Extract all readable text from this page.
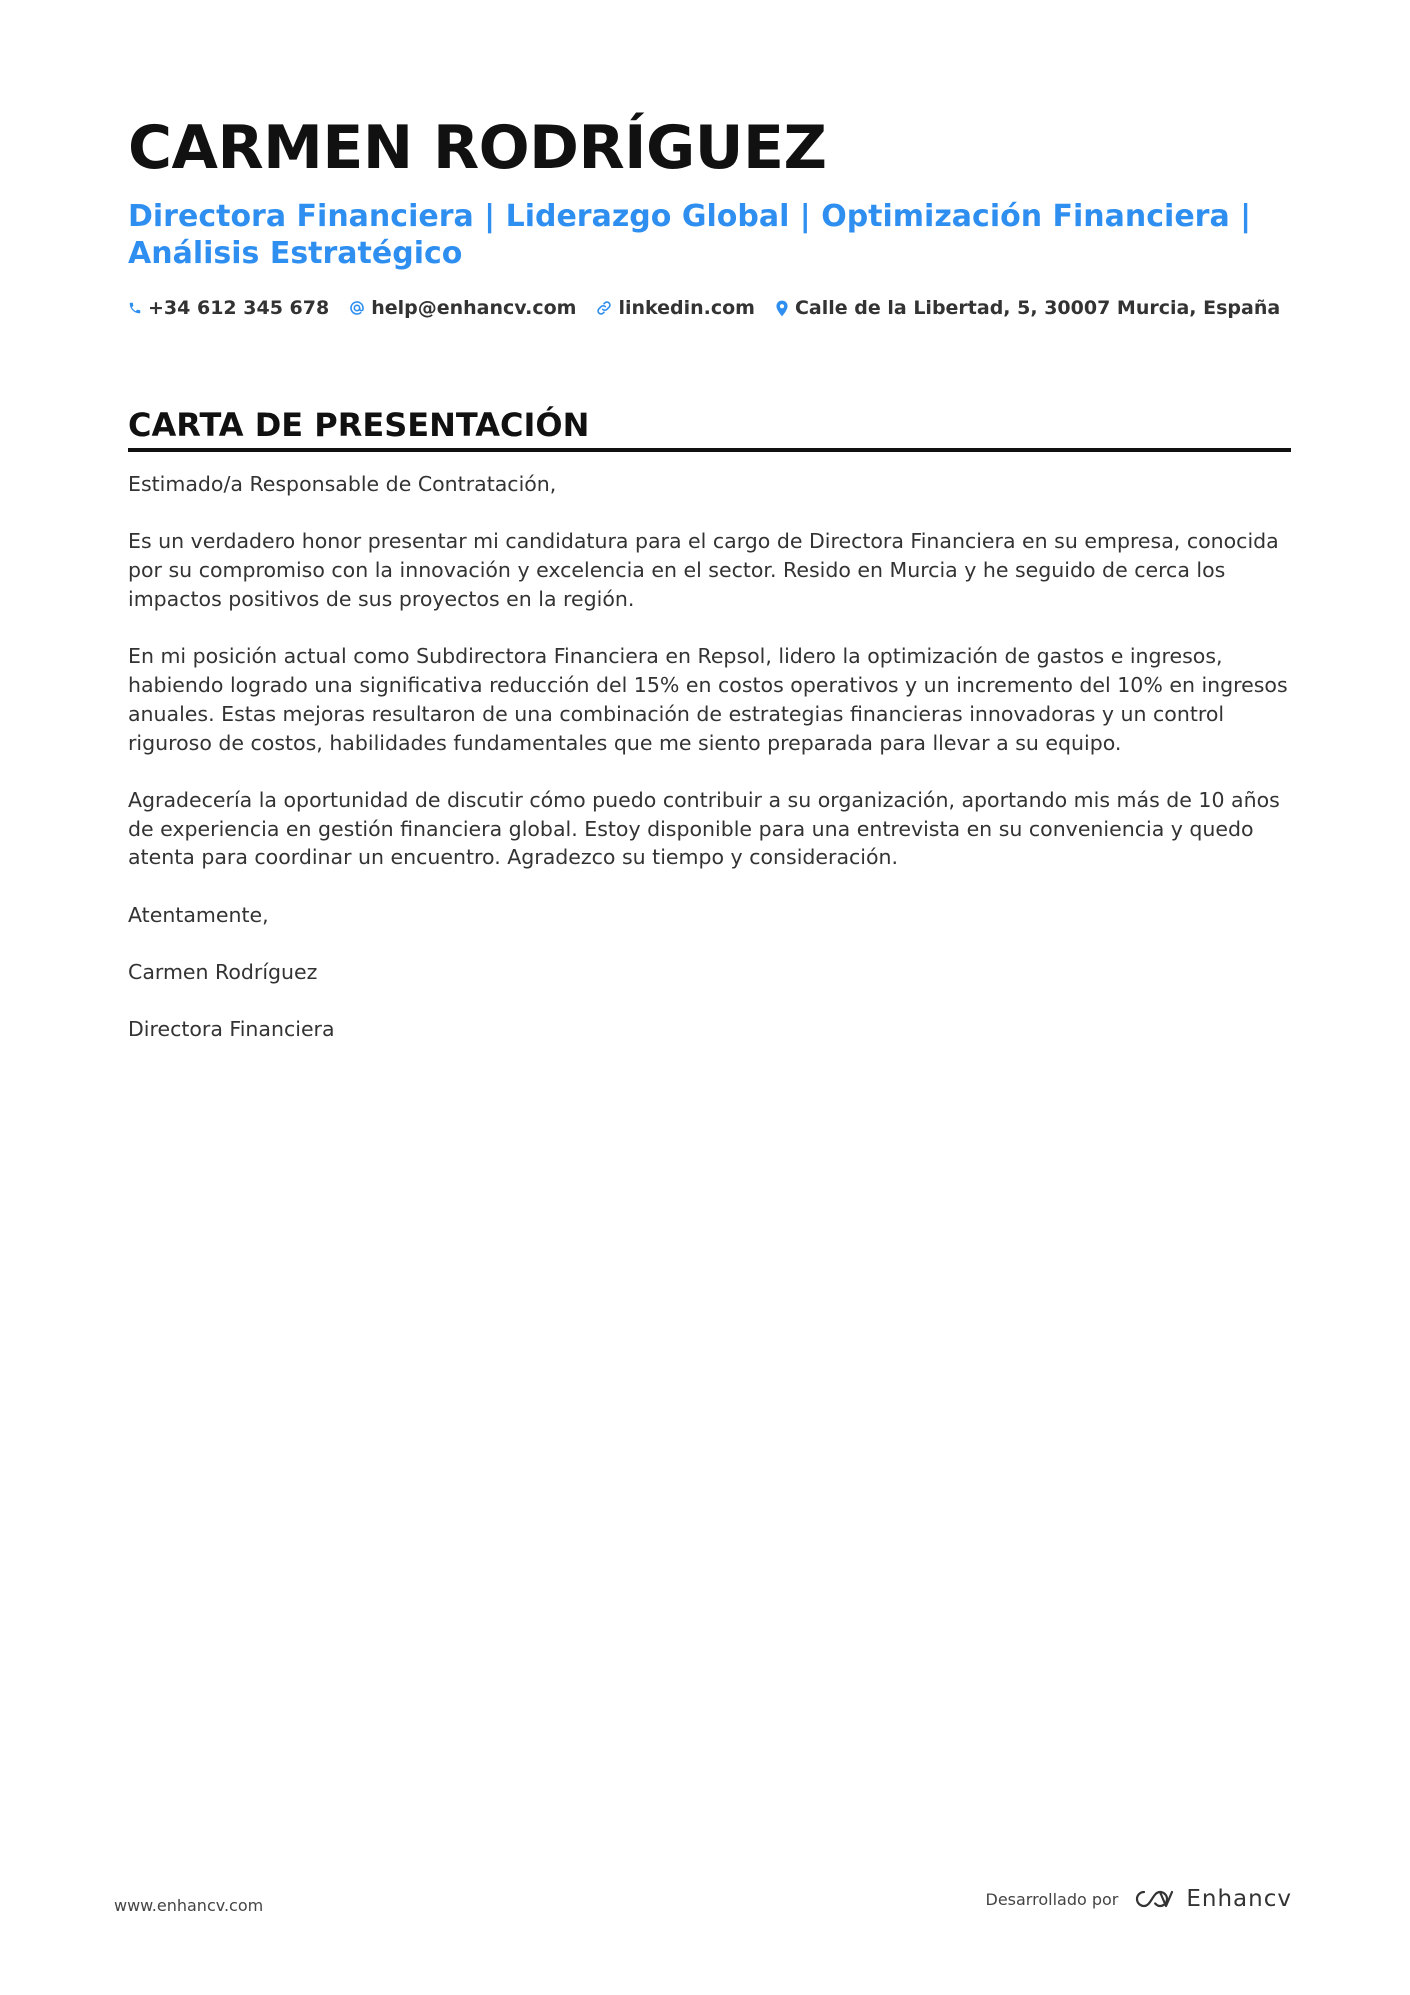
CARMEN RODRÍGUEZ
Directora Financiera | Liderazgo Global | Optimización Financiera | Análisis Estratégico
+34 612 345 678 help@enhancv.com linkedin.com Calle de la Libertad, 5, 30007 Murcia, España
CARTA DE PRESENTACIÓN

Estimado/a Responsable de Contratación,

Es un verdadero honor presentar mi candidatura para el cargo de Directora Financiera en su empresa, conocida por su compromiso con la innovación y excelencia en el sector. Resido en Murcia y he seguido de cerca los impactos positivos de sus proyectos en la región.

En mi posición actual como Subdirectora Financiera en Repsol, lidero la optimización de gastos e ingresos, habiendo logrado una significativa reducción del 15% en costos operativos y un incremento del 10% en ingresos anuales. Estas mejoras resultaron de una combinación de estrategias financieras innovadoras y un control riguroso de costos, habilidades fundamentales que me siento preparada para llevar a su equipo.

Agradecería la oportunidad de discutir cómo puedo contribuir a su organización, aportando mis más de 10 años de experiencia en gestión financiera global. Estoy disponible para una entrevista en su conveniencia y quedo atenta para coordinar un encuentro. Agradezco su tiempo y consideración.

Atentamente,

Carmen Rodríguez

Directora Financiera

www.enhancv.com	Desarrollado por	Enhancv
